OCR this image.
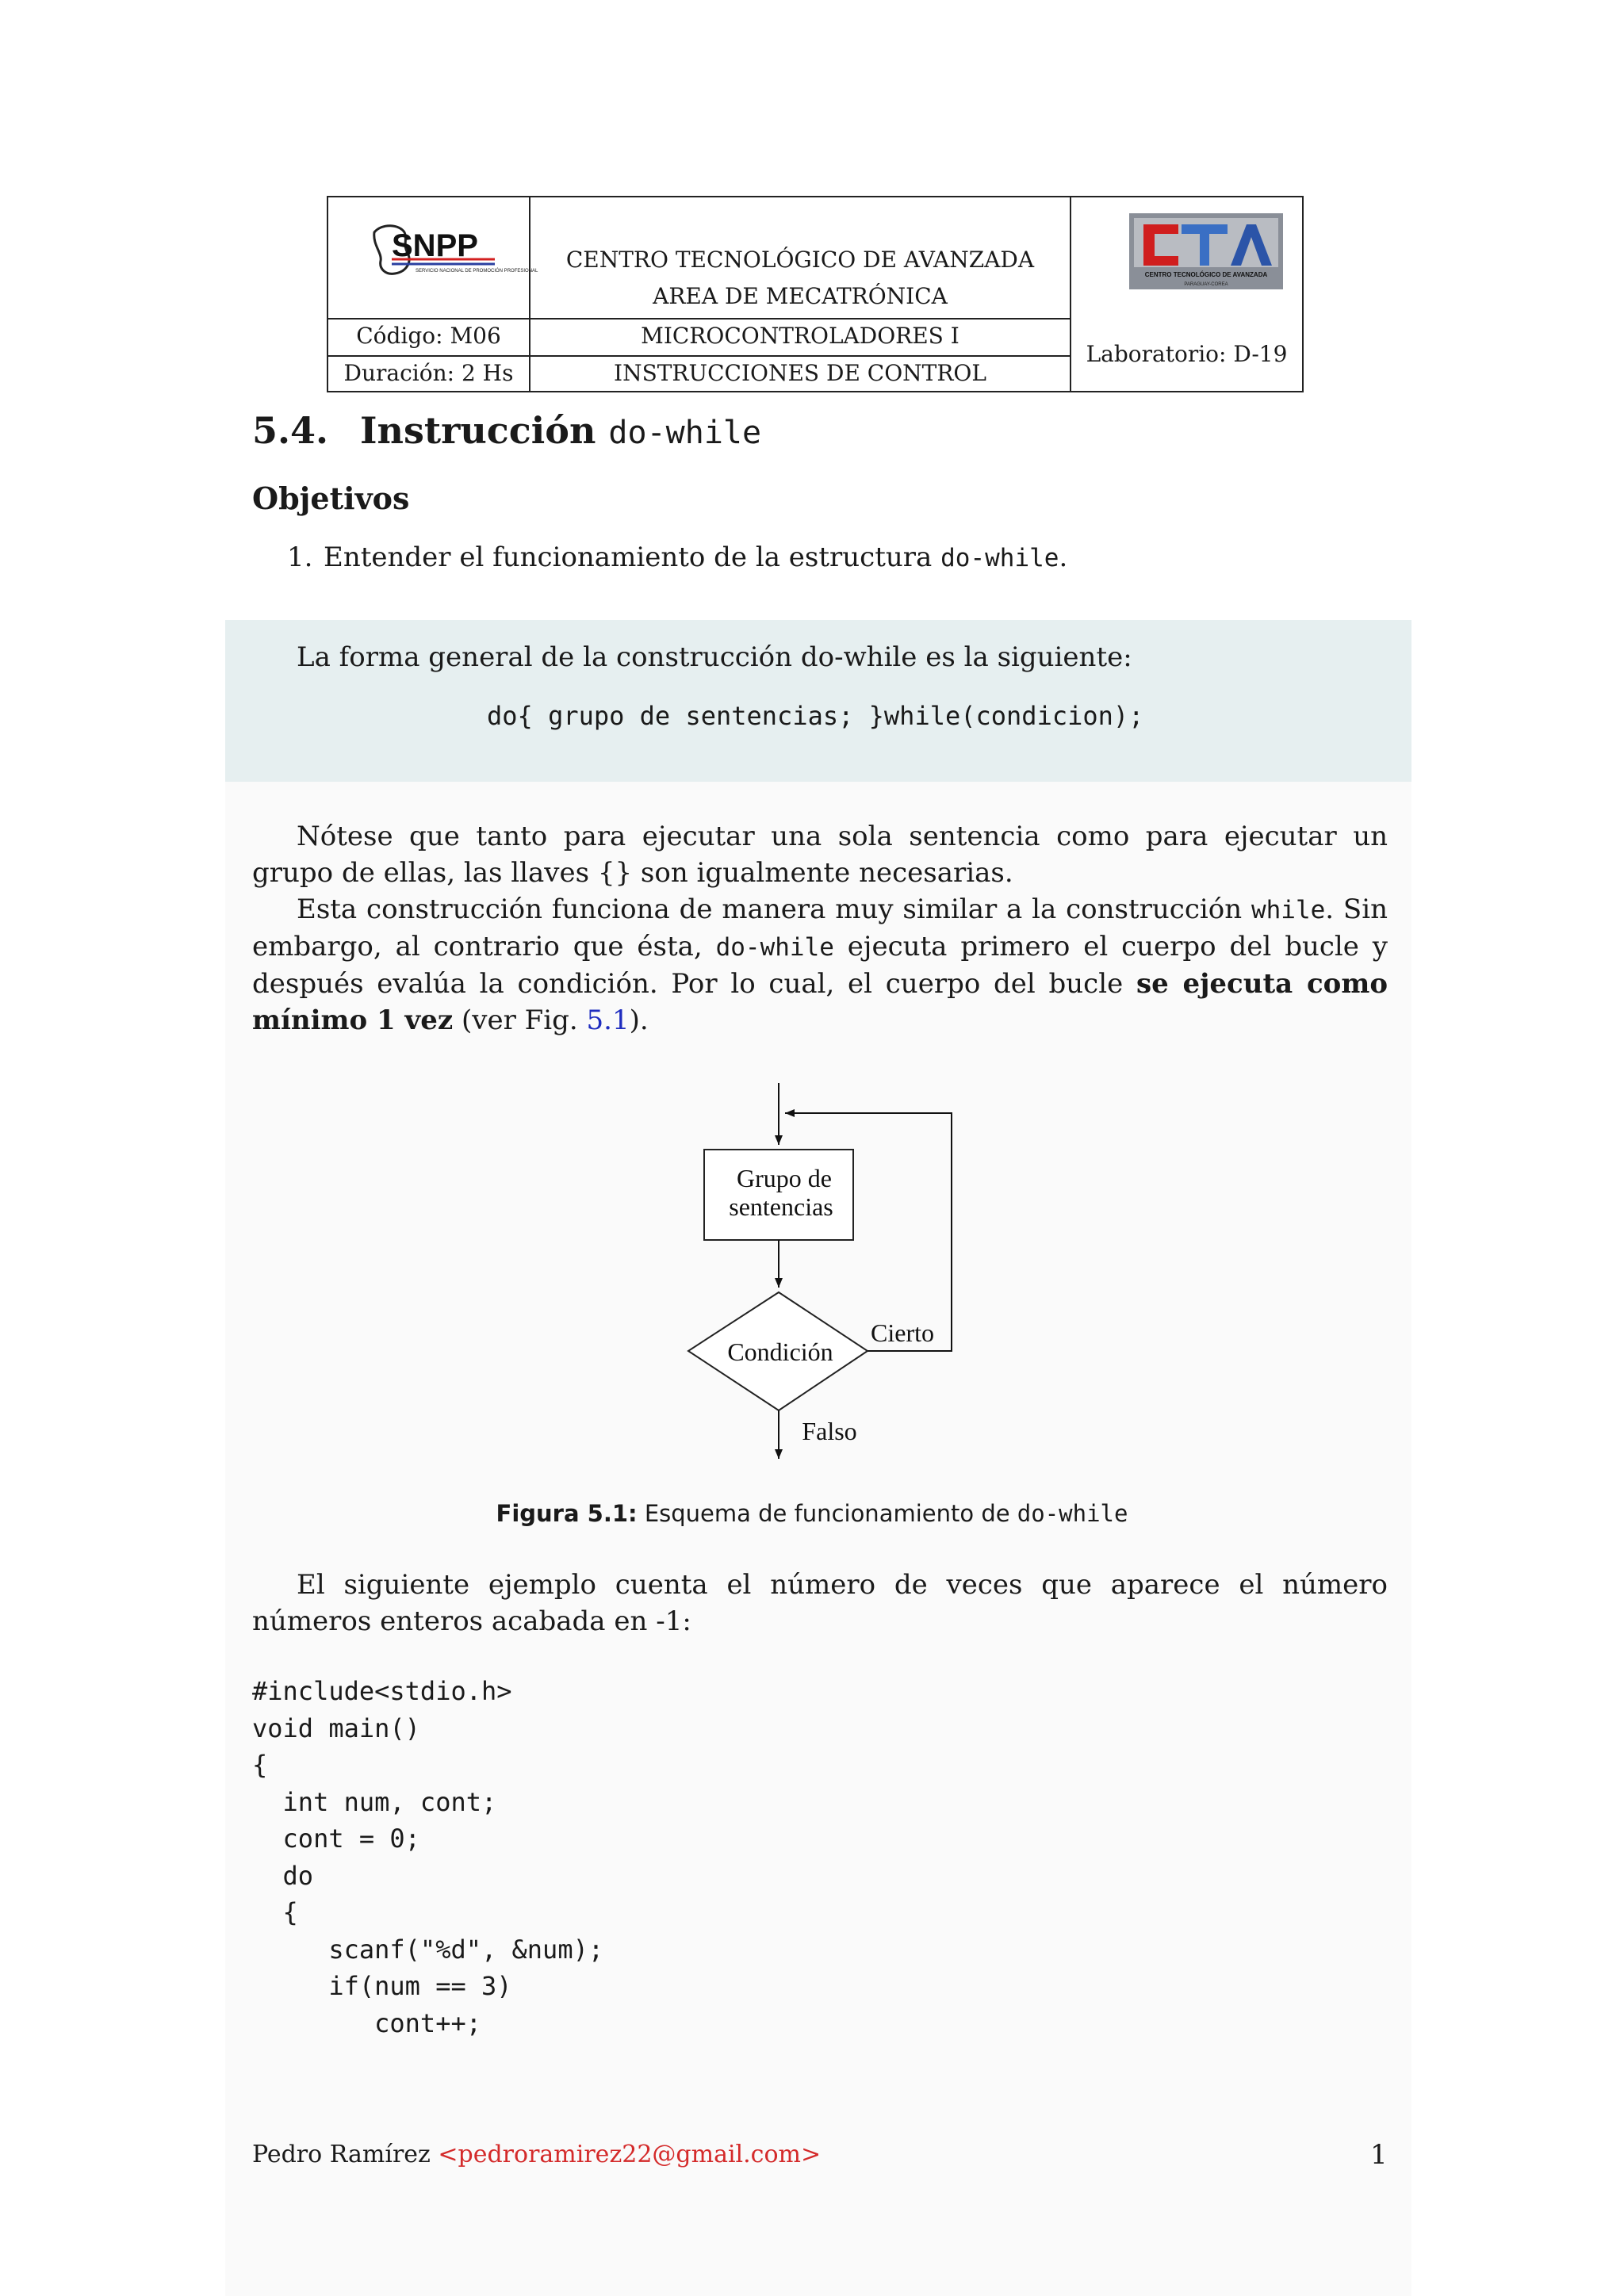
SNPP
SERVICIO NACIONAL DE PROMOCIÓN PROFESIONAL	CENTRO TECNOLÓGICO DE AVANZADA
AREA DE MECATRÓNICA
CENTRO TECNOLÓGICO DE AVANZADA
PARAGUAY-COREA
Código: M06
Duración: 2 Hs
MICROCONTROLADORES I
INSTRUCCIONES DE CONTROL
Laboratorio: D-19
5.4. Instrucción do-while
Objetivos
1. Entender el funcionamiento de la estructura do-while.
La forma general de la construcción do-while es la siguiente:
do{ grupo de sentencias; }while(condicion);
Nótese que tanto para ejecutar una sola sentencia como para ejecutar un grupo de ellas, las llaves {} son igualmente necesarias.
Esta construcción funciona de manera muy similar a la construcción while. Sin embargo, al contrario que ésta, do-while ejecuta primero el cuerpo del bucle y después evalúa la condición. Por lo cual, el cuerpo del bucle se ejecuta como mínimo 1 vez (ver Fig. 5.1).
Grupo de
sentencias
Condición
Cierto
Falso
Figura 5.1: Esquema de funcionamiento de do-while
El siguiente ejemplo cuenta el número de veces que aparece el número números enteros acabada en -1:
#include<stdio.h>
void main()
{
int num, cont;
cont = 0;
do
{
scanf("%d", &num);
if(num == 3)
cont++;
Pedro Ramírez <pedroramirez22@gmail.com>	1
